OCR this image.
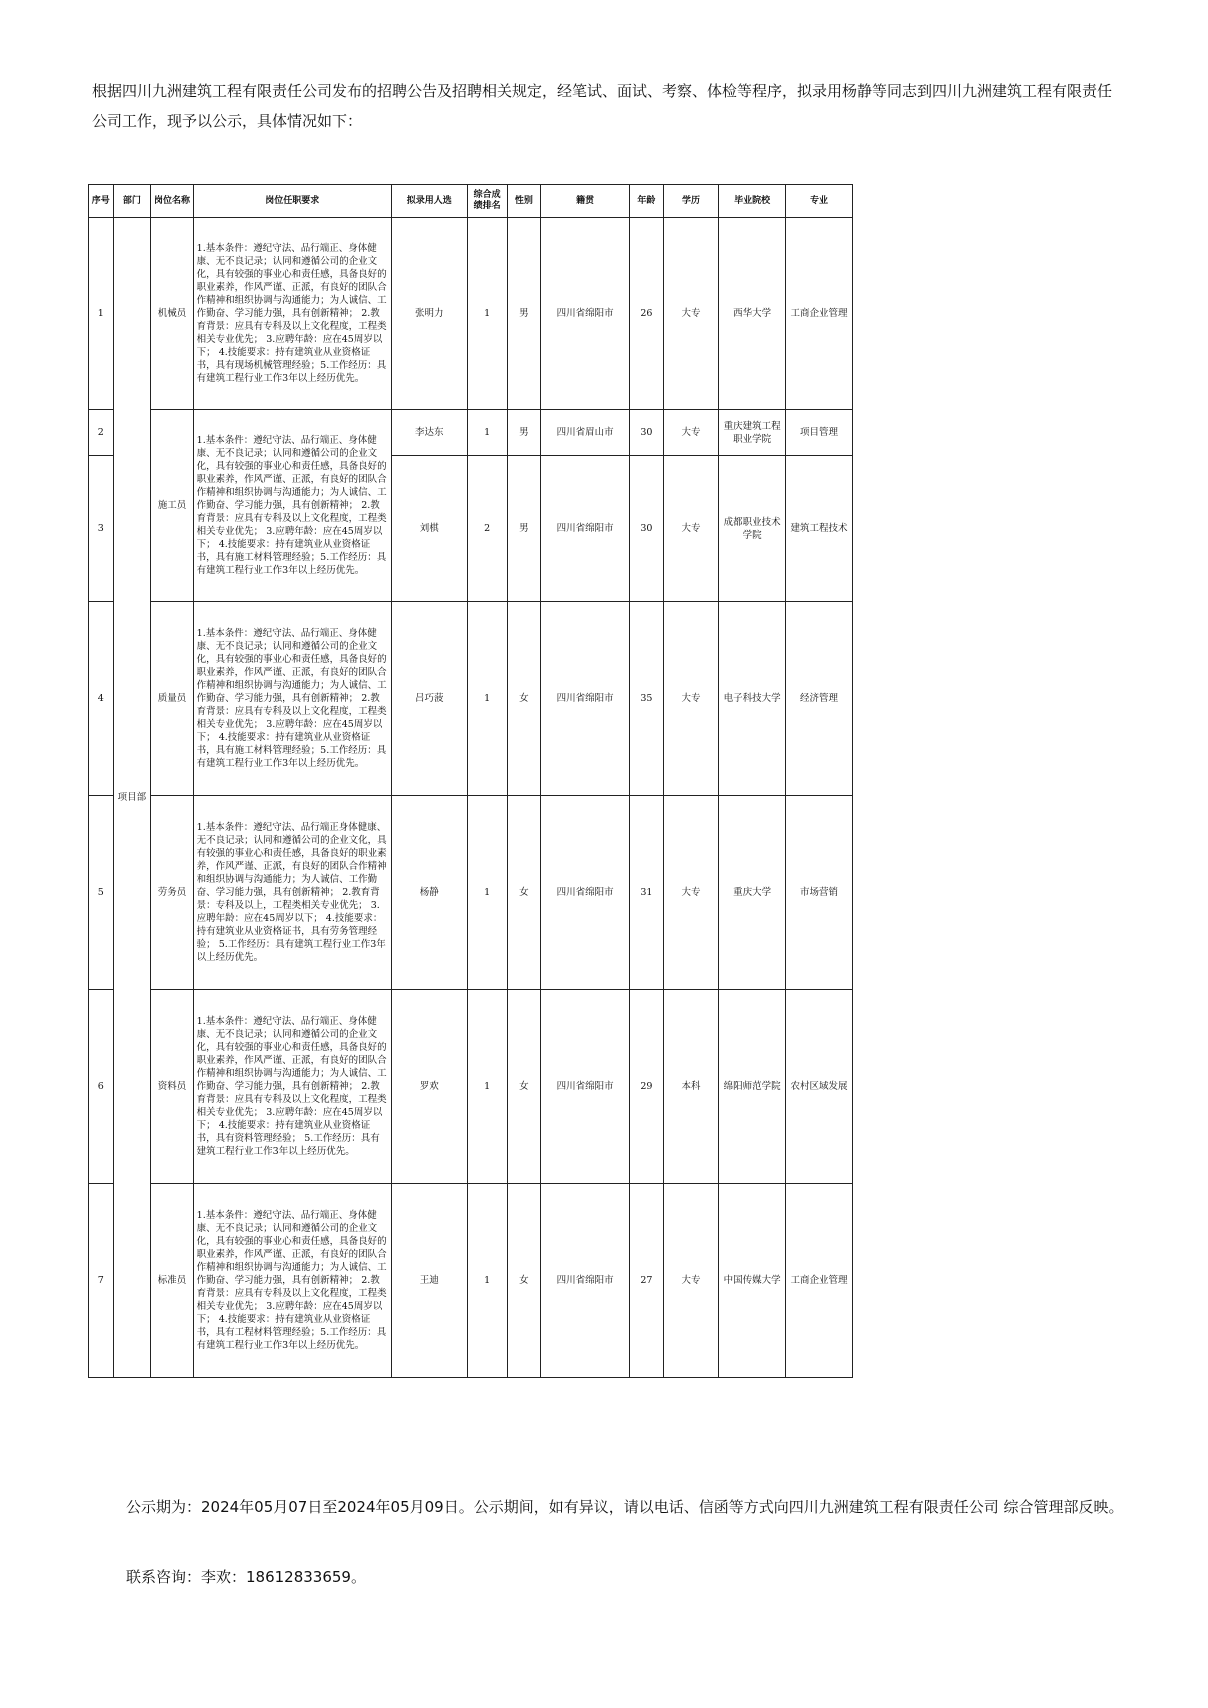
根据四川九洲建筑工程有限责任公司发布的招聘公告及招聘相关规定，经笔试、面试、考察、体检等程序，拟录用杨静等同志到四川九洲建筑工程有限责任公司工作，现予以公示，具体情况如下：

序号	部门	岗位名称	岗位任职要求	拟录用人选	综合成绩排名	性别	籍贯	年龄	学历	毕业院校	专业
1	项目部	机械员	1.基本条件：遵纪守法、品行端正、身体健康、无不良记录；认同和遵循公司的企业文化，具有较强的事业心和责任感，具备良好的职业素养，作风严谨、正派，有良好的团队合作精神和组织协调与沟通能力；为人诚信、工作勤奋、学习能力强，具有创新精神； 2.教育背景：应具有专科及以上文化程度，工程类相关专业优先； 3.应聘年龄：应在45周岁以下； 4.技能要求：持有建筑业从业资格证书，具有现场机械管理经验；5.工作经历：具有建筑工程行业工作3年以上经历优先。	张明力	1	男	四川省绵阳市	26	大专	西华大学	工商企业管理
2		施工员	1.基本条件：遵纪守法、品行端正、身体健康、无不良记录；认同和遵循公司的企业文化，具有较强的事业心和责任感，具备良好的职业素养，作风严谨、正派，有良好的团队合作精神和组织协调与沟通能力；为人诚信、工作勤奋、学习能力强，具有创新精神； 2.教育背景：应具有专科及以上文化程度，工程类相关专业优先； 3.应聘年龄：应在45周岁以下； 4.技能要求：持有建筑业从业资格证书，具有施工材料管理经验；5.工作经历：具有建筑工程行业工作3年以上经历优先。	李达东	1	男	四川省眉山市	30	大专	重庆建筑工程职业学院	项目管理
3				刘棋	2	男	四川省绵阳市	30	大专	成都职业技术学院	建筑工程技术
4		质量员	1.基本条件：遵纪守法、品行端正、身体健康、无不良记录；认同和遵循公司的企业文化，具有较强的事业心和责任感，具备良好的职业素养，作风严谨、正派，有良好的团队合作精神和组织协调与沟通能力；为人诚信、工作勤奋、学习能力强，具有创新精神； 2.教育背景：应具有专科及以上文化程度，工程类相关专业优先； 3.应聘年龄：应在45周岁以下； 4.技能要求：持有建筑业从业资格证书，具有施工材料管理经验；5.工作经历：具有建筑工程行业工作3年以上经历优先。	吕巧菠	1	女	四川省绵阳市	35	大专	电子科技大学	经济管理
5		劳务员	1.基本条件：遵纪守法、品行端正身体健康、无不良记录；认同和遵循公司的企业文化，具有较强的事业心和责任感，具备良好的职业素养，作风严谨、正派，有良好的团队合作精神和组织协调与沟通能力；为人诚信、工作勤奋、学习能力强，具有创新精神； 2.教育背景：专科及以上，工程类相关专业优先； 3.应聘年龄：应在45周岁以下； 4.技能要求：持有建筑业从业资格证书，具有劳务管理经验； 5.工作经历：具有建筑工程行业工作3年以上经历优先。	杨静	1	女	四川省绵阳市	31	大专	重庆大学	市场营销
6		资料员	1.基本条件：遵纪守法、品行端正、身体健康、无不良记录；认同和遵循公司的企业文化，具有较强的事业心和责任感，具备良好的职业素养，作风严谨、正派，有良好的团队合作精神和组织协调与沟通能力；为人诚信、工作勤奋、学习能力强，具有创新精神； 2.教育背景：应具有专科及以上文化程度，工程类相关专业优先； 3.应聘年龄：应在45周岁以下； 4.技能要求：持有建筑业从业资格证书，具有资料管理经验； 5.工作经历：具有建筑工程行业工作3年以上经历优先。	罗欢	1	女	四川省绵阳市	29	本科	绵阳师范学院	农村区域发展
7		标准员	1.基本条件：遵纪守法、品行端正、身体健康、无不良记录；认同和遵循公司的企业文化，具有较强的事业心和责任感，具备良好的职业素养，作风严谨、正派，有良好的团队合作精神和组织协调与沟通能力；为人诚信、工作勤奋、学习能力强，具有创新精神； 2.教育背景：应具有专科及以上文化程度，工程类相关专业优先； 3.应聘年龄：应在45周岁以下； 4.技能要求：持有建筑业从业资格证书，具有工程材料管理经验；5.工作经历：具有建筑工程行业工作3年以上经历优先。	王迪	1	女	四川省绵阳市	27	大专	中国传媒大学	工商企业管理

公示期为：2024年05月07日至2024年05月09日。公示期间，如有异议，请以电话、信函等方式向四川九洲建筑工程有限责任公司 综合管理部反映。

联系咨询：李欢：18612833659。
